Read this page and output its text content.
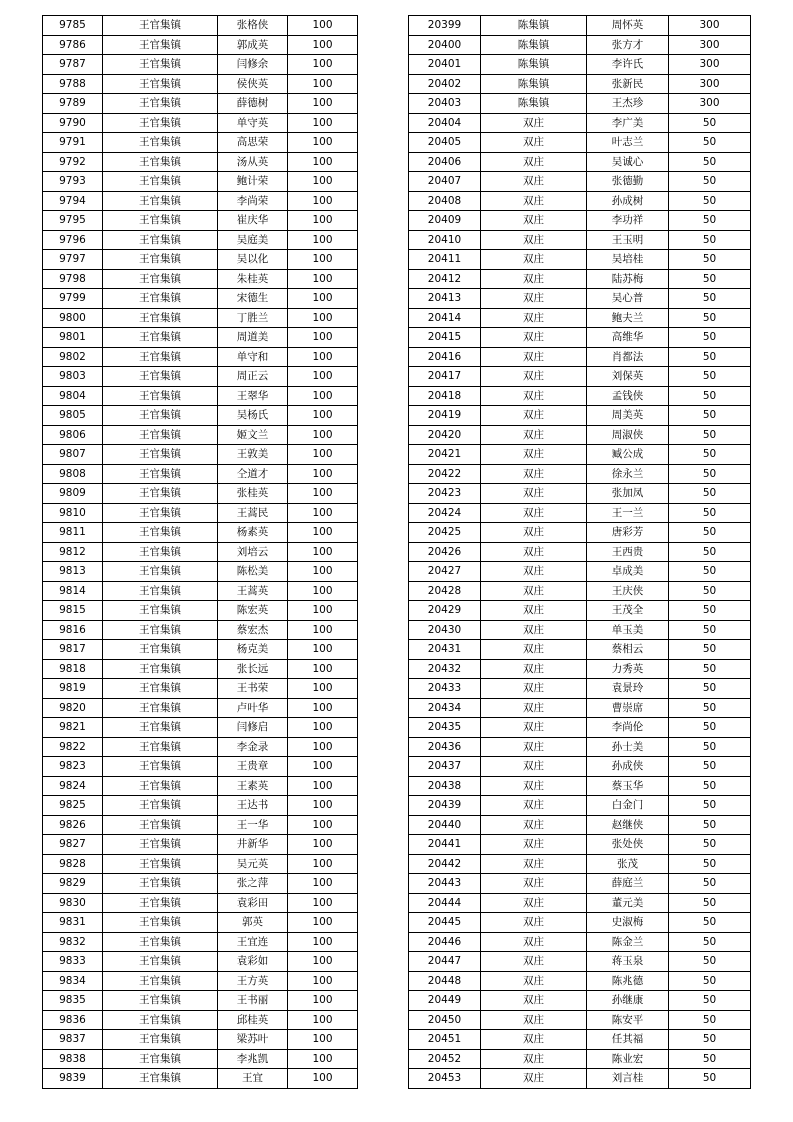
9785	王官集镇	张格侠	100
9786	王官集镇	郭成英	100
9787	王官集镇	闫修余	100
9788	王官集镇	侯侠英	100
9789	王官集镇	薛德树	100
9790	王官集镇	单守英	100
9791	王官集镇	高思荣	100
9792	王官集镇	汤从英	100
9793	王官集镇	鲍计荣	100
9794	王官集镇	李尚荣	100
9795	王官集镇	崔庆华	100
9796	王官集镇	吴庭美	100
9797	王官集镇	吴以化	100
9798	王官集镇	朱桂英	100
9799	王官集镇	宋德生	100
9800	王官集镇	丁胜兰	100
9801	王官集镇	周道美	100
9802	王官集镇	单守和	100
9803	王官集镇	周正云	100
9804	王官集镇	王翠华	100
9805	王官集镇	吴杨氏	100
9806	王官集镇	姬文兰	100
9807	王官集镇	王敦美	100
9808	王官集镇	仝道才	100
9809	王官集镇	张桂英	100
9810	王官集镇	王蒿民	100
9811	王官集镇	杨素英	100
9812	王官集镇	刘培云	100
9813	王官集镇	陈松美	100
9814	王官集镇	王蒿英	100
9815	王官集镇	陈宏英	100
9816	王官集镇	蔡宏杰	100
9817	王官集镇	杨克美	100
9818	王官集镇	张长远	100
9819	王官集镇	王书荣	100
9820	王官集镇	卢叶华	100
9821	王官集镇	闫修启	100
9822	王官集镇	李金录	100
9823	王官集镇	王贵章	100
9824	王官集镇	王素英	100
9825	王官集镇	王达书	100
9826	王官集镇	王一华	100
9827	王官集镇	井新华	100
9828	王官集镇	吴元英	100
9829	王官集镇	张之萍	100
9830	王官集镇	袁彩田	100
9831	王官集镇	郭英	100
9832	王官集镇	王宜连	100
9833	王官集镇	袁彩如	100
9834	王官集镇	王方英	100
9835	王官集镇	王书丽	100
9836	王官集镇	邱桂英	100
9837	王官集镇	梁苏叶	100
9838	王官集镇	李兆凯	100
9839	王官集镇	王宜	100
20399	陈集镇	周怀英	300
20400	陈集镇	张方才	300
20401	陈集镇	李许氏	300
20402	陈集镇	张新民	300
20403	陈集镇	王杰珍	300
20404	双庄	李广美	50
20405	双庄	叶志兰	50
20406	双庄	吴诚心	50
20407	双庄	张德勤	50
20408	双庄	孙成树	50
20409	双庄	李功祥	50
20410	双庄	王玉明	50
20411	双庄	吴培桂	50
20412	双庄	陆苏梅	50
20413	双庄	吴心普	50
20414	双庄	鲍夫兰	50
20415	双庄	高维华	50
20416	双庄	肖都法	50
20417	双庄	刘保英	50
20418	双庄	孟钱侠	50
20419	双庄	周美英	50
20420	双庄	周淑侠	50
20421	双庄	臧公成	50
20422	双庄	徐永兰	50
20423	双庄	张加凤	50
20424	双庄	王一兰	50
20425	双庄	唐彩芳	50
20426	双庄	王西贵	50
20427	双庄	卓成美	50
20428	双庄	王庆侠	50
20429	双庄	王茂全	50
20430	双庄	单玉美	50
20431	双庄	蔡相云	50
20432	双庄	力秀英	50
20433	双庄	袁景玲	50
20434	双庄	曹崇席	50
20435	双庄	李尚伦	50
20436	双庄	孙士美	50
20437	双庄	孙成侠	50
20438	双庄	蔡玉华	50
20439	双庄	白金门	50
20440	双庄	赵继侠	50
20441	双庄	张处侠	50
20442	双庄	张茂	50
20443	双庄	薛庭兰	50
20444	双庄	董元美	50
20445	双庄	史淑梅	50
20446	双庄	陈金兰	50
20447	双庄	蒋玉泉	50
20448	双庄	陈兆德	50
20449	双庄	孙继康	50
20450	双庄	陈安平	50
20451	双庄	任其福	50
20452	双庄	陈业宏	50
20453	双庄	刘言桂	50
